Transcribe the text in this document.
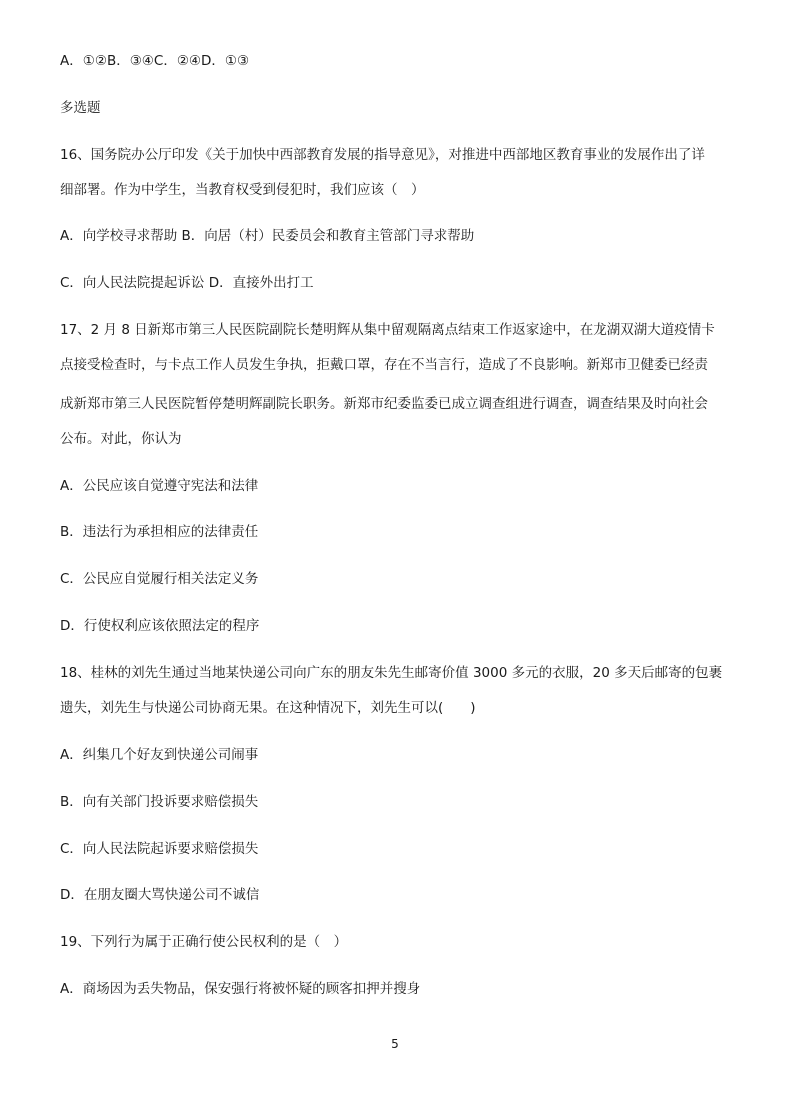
A．①②B．③④C．②④D．①③
多选题
16、国务院办公厅印发《关于加快中西部教育发展的指导意见》，对推进中西部地区教育事业的发展作出了详
细部署。作为中学生，当教育权受到侵犯时，我们应该（　）
A．向学校寻求帮助 B．向居（村）民委员会和教育主管部门寻求帮助
C．向人民法院提起诉讼 D．直接外出打工
17、2 月 8 日新郑市第三人民医院副院长楚明辉从集中留观隔离点结束工作返家途中，在龙湖双湖大道疫情卡
点接受检查时，与卡点工作人员发生争执，拒戴口罩，存在不当言行，造成了不良影响。新郑市卫健委已经责
成新郑市第三人民医院暂停楚明辉副院长职务。新郑市纪委监委已成立调查组进行调查，调查结果及时向社会
公布。对此，你认为
A．公民应该自觉遵守宪法和法律
B．违法行为承担相应的法律责任
C．公民应自觉履行相关法定义务
D．行使权利应该依照法定的程序
18、桂林的刘先生通过当地某快递公司向广东的朋友朱先生邮寄价值 3000 多元的衣服，20 多天后邮寄的包裹
遗失，刘先生与快递公司协商无果。在这种情况下，刘先生可以(　　)
A．纠集几个好友到快递公司闹事
B．向有关部门投诉要求赔偿损失
C．向人民法院起诉要求赔偿损失
D．在朋友圈大骂快递公司不诚信
19、下列行为属于正确行使公民权利的是（　）
A．商场因为丢失物品，保安强行将被怀疑的顾客扣押并搜身
5
